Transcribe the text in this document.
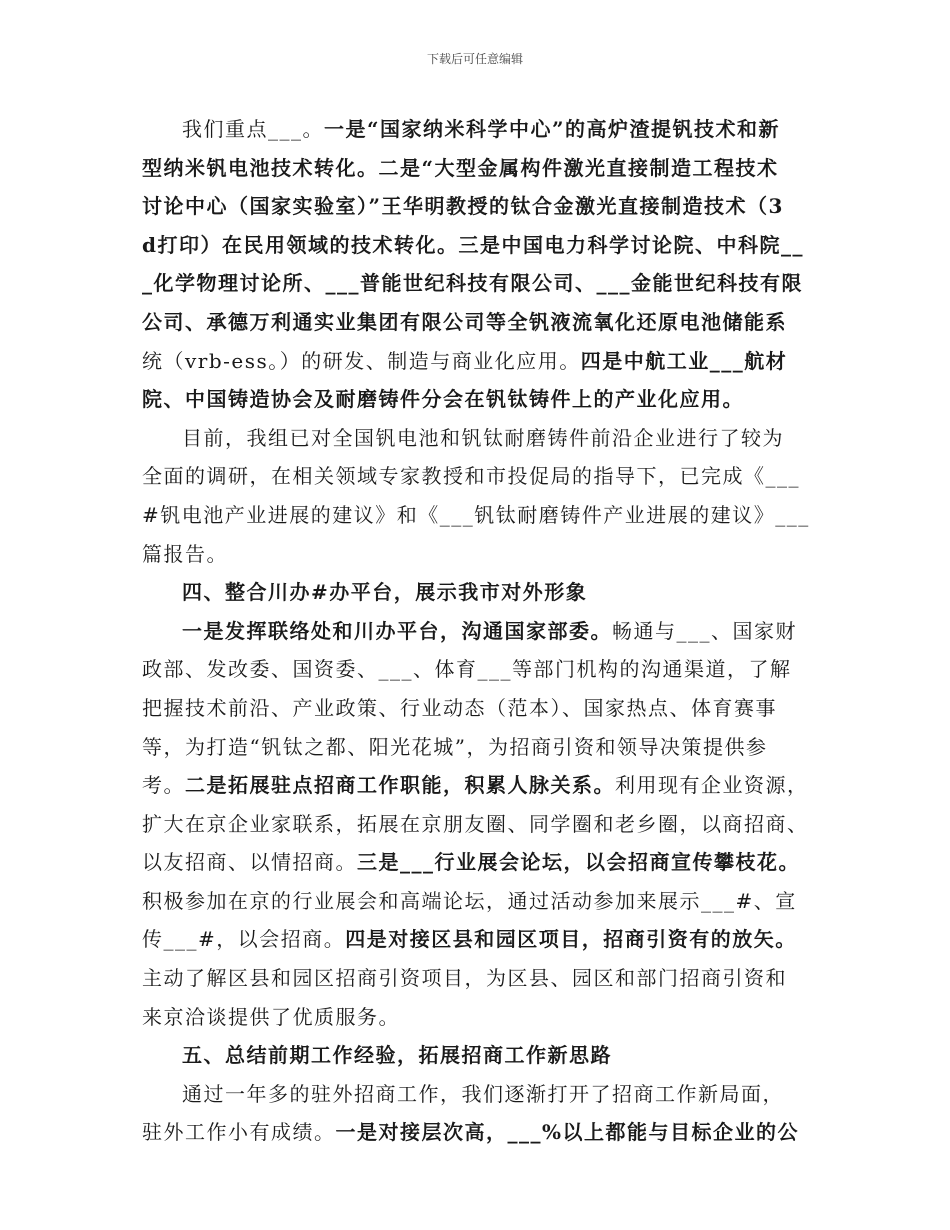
下载后可任意编辑
我们重点___。一是“国家纳米科学中心”的高炉渣提钒技术和新
型纳米钒电池技术转化。二是“大型金属构件激光直接制造工程技术
讨论中心（国家实验室）”王华明教授的钛合金激光直接制造技术（3
d打印）在民用领域的技术转化。三是中国电力科学讨论院、中科院__
_化学物理讨论所、___普能世纪科技有限公司、___金能世纪科技有限
公司、承德万利通实业集团有限公司等全钒液流氧化还原电池储能系
统（vrb-ess。）的研发、制造与商业化应用。四是中航工业___航材
院、中国铸造协会及耐磨铸件分会在钒钛铸件上的产业化应用。
目前，我组已对全国钒电池和钒钛耐磨铸件前沿企业进行了较为
全面的调研，在相关领域专家教授和市投促局的指导下，已完成《___
#钒电池产业进展的建议》和《___钒钛耐磨铸件产业进展的建议》___
篇报告。
四、整合川办#办平台，展示我市对外形象
一是发挥联络处和川办平台，沟通国家部委。畅通与___、国家财
政部、发改委、国资委、___、体育___等部门机构的沟通渠道，了解
把握技术前沿、产业政策、行业动态（范本）、国家热点、体育赛事
等，为打造“钒钛之都、阳光花城”，为招商引资和领导决策提供参
考。二是拓展驻点招商工作职能，积累人脉关系。利用现有企业资源，
扩大在京企业家联系，拓展在京朋友圈、同学圈和老乡圈，以商招商、
以友招商、以情招商。三是___行业展会论坛，以会招商宣传攀枝花。
积极参加在京的行业展会和高端论坛，通过活动参加来展示___#、宣
传___#，以会招商。四是对接区县和园区项目，招商引资有的放矢。
主动了解区县和园区招商引资项目，为区县、园区和部门招商引资和
来京洽谈提供了优质服务。
五、总结前期工作经验，拓展招商工作新思路
通过一年多的驻外招商工作，我们逐渐打开了招商工作新局面，
驻外工作小有成绩。一是对接层次高，___%以上都能与目标企业的公
